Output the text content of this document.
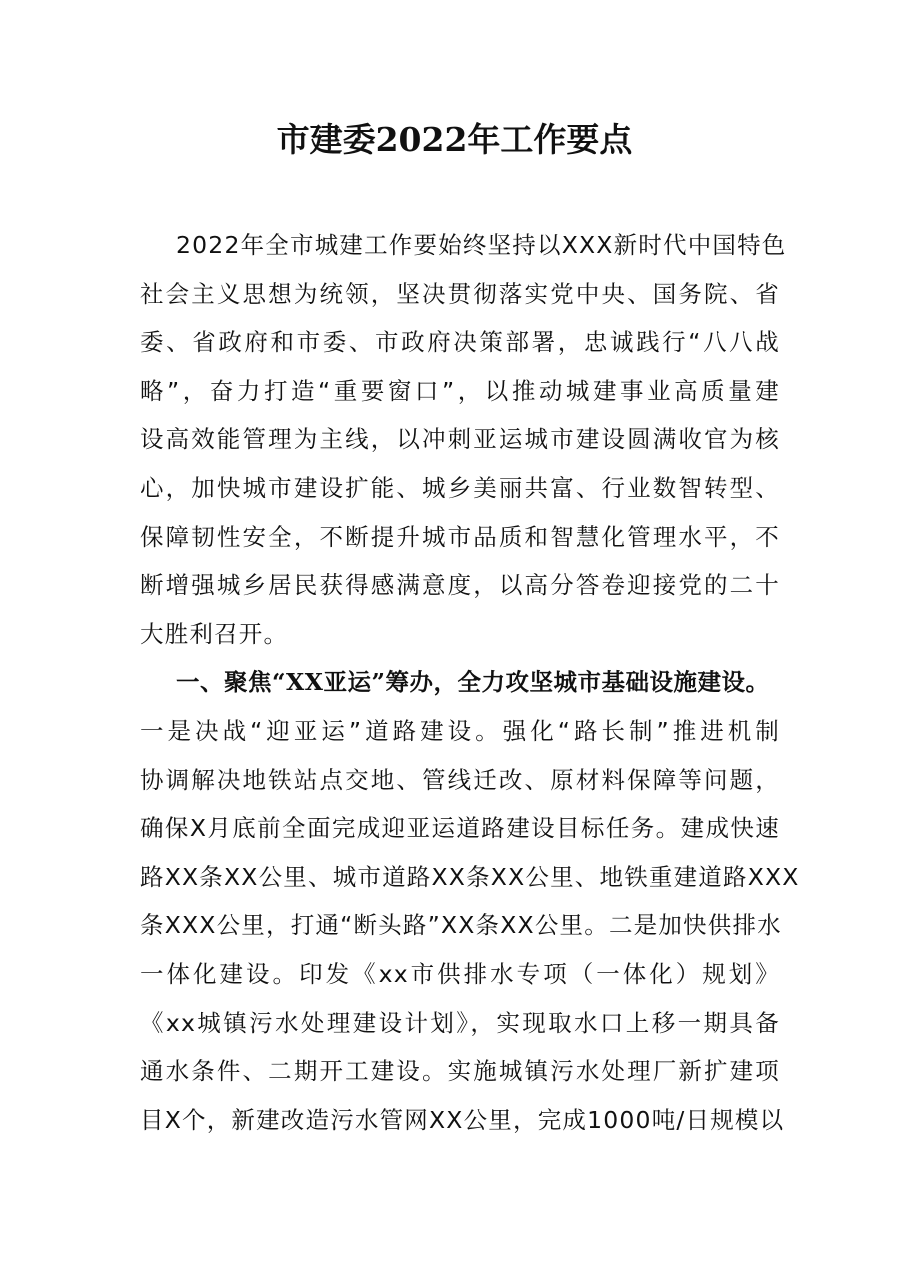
市建委2022年工作要点
2022年全市城建工作要始终坚持以XXX新时代中国特色
社会主义思想为统领，坚决贯彻落实党中央、国务院、省
委、省政府和市委、市政府决策部署，忠诚践行“八八战
略”，奋力打造“重要窗口”，以推动城建事业高质量建
设高效能管理为主线，以冲刺亚运城市建设圆满收官为核
心，加快城市建设扩能、城乡美丽共富、行业数智转型、
保障韧性安全，不断提升城市品质和智慧化管理水平，不
断增强城乡居民获得感满意度，以高分答卷迎接党的二十
大胜利召开。
一、聚焦“XX亚运”筹办，全力攻坚城市基础设施建设。
一是决战“迎亚运”道路建设。强化“路长制”推进机制
协调解决地铁站点交地、管线迁改、原材料保障等问题，
确保X月底前全面完成迎亚运道路建设目标任务。建成快速
路XX条XX公里、城市道路XX条XX公里、地铁重建道路XXX
条XXX公里，打通“断头路”XX条XX公里。二是加快供排水
一体化建设。印发《xx市供排水专项（一体化）规划》
《xx城镇污水处理建设计划》，实现取水口上移一期具备
通水条件、二期开工建设。实施城镇污水处理厂新扩建项
目X个，新建改造污水管网XX公里，完成1000吨/日规模以
